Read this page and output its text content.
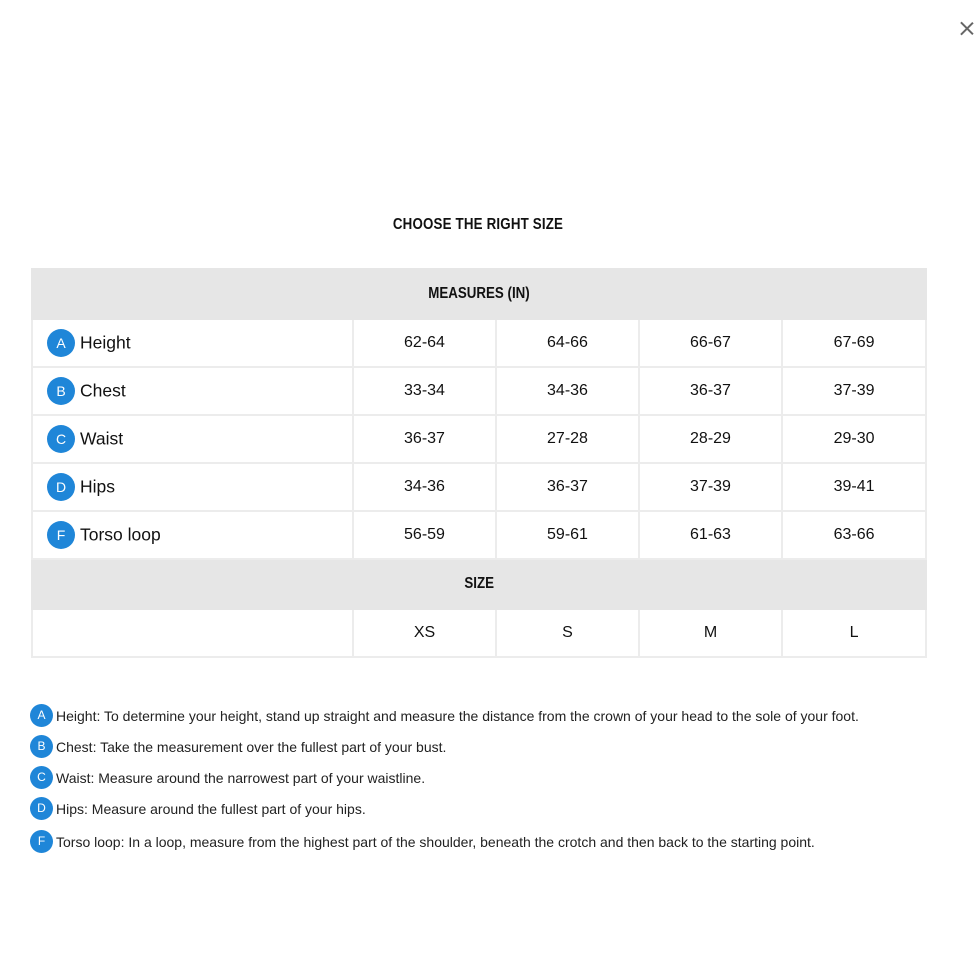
CHOOSE THE RIGHT SIZE
MEASURES (IN)				
A Height	62-64	64-66	66-67	67-69
B Chest	33-34	34-36	36-37	37-39
C Waist	36-37	27-28	28-29	29-30
D Hips	34-36	36-37	37-39	39-41
F Torso loop	56-59	59-61	61-63	63-66
SIZE				
	XS	S	M	L
A Height: To determine your height, stand up straight and measure the distance from the crown of your head to the sole of your foot.
B Chest: Take the measurement over the fullest part of your bust.
C Waist: Measure around the narrowest part of your waistline.
D Hips: Measure around the fullest part of your hips.
F Torso loop: In a loop, measure from the highest part of the shoulder, beneath the crotch and then back to the starting point.
